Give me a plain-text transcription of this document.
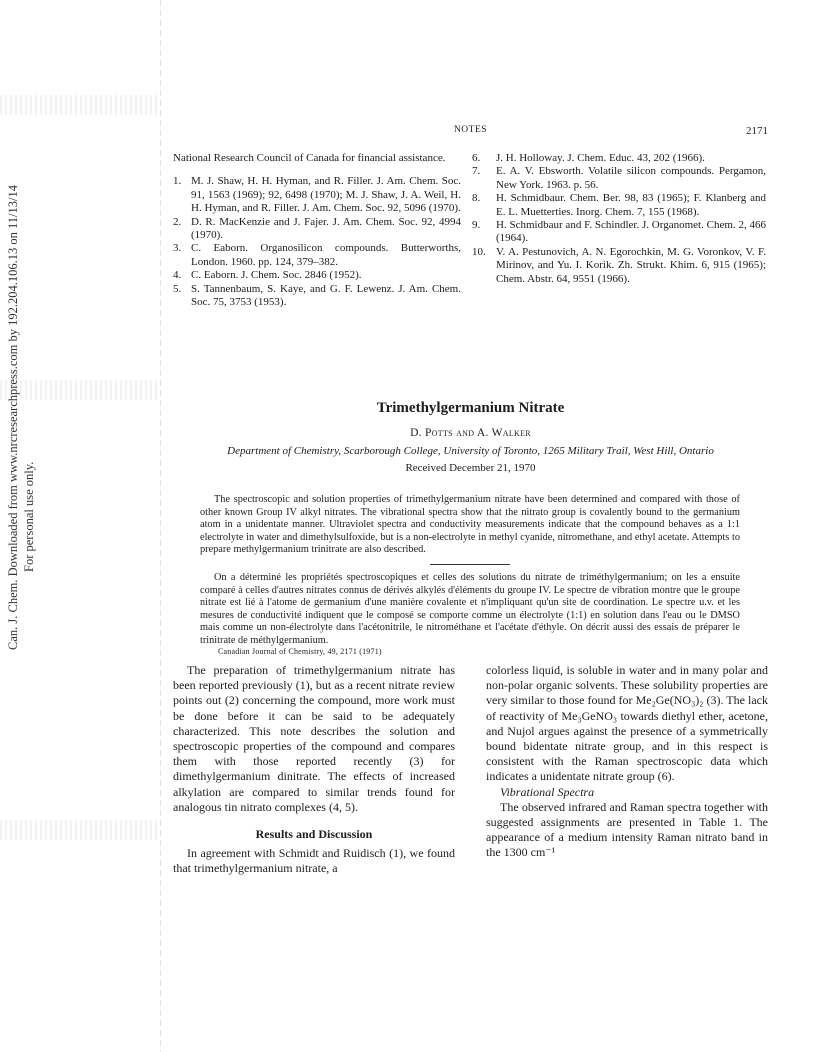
Can. J. Chem. Downloaded from www.nrcresearchpress.com by 192.204.106.13 on 11/13/14 For personal use only.
NOTES	2171

National Research Council of Canada for financial assistance.

1. M. J. Shaw, H. H. Hyman, and R. Filler. J. Am. Chem. Soc. 91, 1563 (1969); 92, 6498 (1970); M. J. Shaw, J. A. Weil, H. H. Hyman, and R. Filler. J. Am. Chem. Soc. 92, 5096 (1970).

2. D. R. MacKenzie and J. Fajer. J. Am. Chem. Soc. 92, 4994 (1970).

3. C. Eaborn. Organosilicon compounds. Butterworths, London. 1960. pp. 124, 379–382.

4. C. Eaborn. J. Chem. Soc. 2846 (1952).

5. S. Tannenbaum, S. Kaye, and G. F. Lewenz. J. Am. Chem. Soc. 75, 3753 (1953).

6. J. H. Holloway. J. Chem. Educ. 43, 202 (1966).

7. E. A. V. Ebsworth. Volatile silicon compounds. Pergamon, New York. 1963. p. 56.

8. H. Schmidbaur. Chem. Ber. 98, 83 (1965); F. Klanberg and E. L. Muetterties. Inorg. Chem. 7, 155 (1968).

9. H. Schmidbaur and F. Schindler. J. Organomet. Chem. 2, 466 (1964).

10. V. A. Pestunovich, A. N. Egorochkin, M. G. Voronkov, V. F. Mirinov, and Yu. I. Korik. Zh. Strukt. Khim. 6, 915 (1965); Chem. Abstr. 64, 9551 (1966).

Trimethylgermanium Nitrate

D. Potts and A. Walker

Department of Chemistry, Scarborough College, University of Toronto, 1265 Military Trail, West Hill, Ontario

Received December 21, 1970

The spectroscopic and solution properties of trimethylgermanium nitrate have been determined and compared with those of other known Group IV alkyl nitrates. The vibrational spectra show that the nitrato group is covalently bound to the germanium atom in a unidentate manner. Ultraviolet spectra and conductivity measurements indicate that the compound behaves as a 1:1 electrolyte in water and dimethylsulfoxide, but is a non-electrolyte in methyl cyanide, nitromethane, and ethyl acetate. Attempts to prepare methylgermanium trinitrate are also described.

On a déterminé les propriétés spectroscopiques et celles des solutions du nitrate de triméthylgermanium; on les a ensuite comparé à celles d'autres nitrates connus de dérivés alkylés d'éléments du groupe IV. Le spectre de vibration montre que le groupe nitrate est lié à l'atome de germanium d'une manière covalente et n'impliquant qu'un site de coordination. Le spectre u.v. et les mesures de conductivité indiquent que le composé se comporte comme un électrolyte (1:1) en solution dans l'eau ou le DMSO mais comme un non-électrolyte dans l'acétonitrile, le nitrométhane et l'acétate d'éthyle. On décrit aussi des essais de préparer le trinitrate de méthylgermanium.

Canadian Journal of Chemistry, 49, 2171 (1971)

The preparation of trimethylgermanium nitrate has been reported previously (1), but as a recent nitrate review points out (2) concerning the compound, more work must be done before it can be said to be adequately characterized. This note describes the solution and spectroscopic properties of the compound and compares them with those reported recently (3) for dimethylgermanium dinitrate. The effects of increased alkylation are compared to similar trends found for analogous tin nitrato complexes (4, 5).

Results and Discussion

In agreement with Schmidt and Ruidisch (1), we found that trimethylgermanium nitrate, a

colorless liquid, is soluble in water and in many polar and non-polar organic solvents. These solubility properties are very similar to those found for Me₂Ge(NO₃)₂ (3). The lack of reactivity of Me₃GeNO₃ towards diethyl ether, acetone, and Nujol argues against the presence of a symmetrically bound bidentate nitrate group, and in this respect is consistent with the Raman spectroscopic data which indicates a unidentate nitrate group (6).

Vibrational Spectra

The observed infrared and Raman spectra together with suggested assignments are presented in Table 1. The appearance of a medium intensity Raman nitrato band in the 1300 cm⁻¹
